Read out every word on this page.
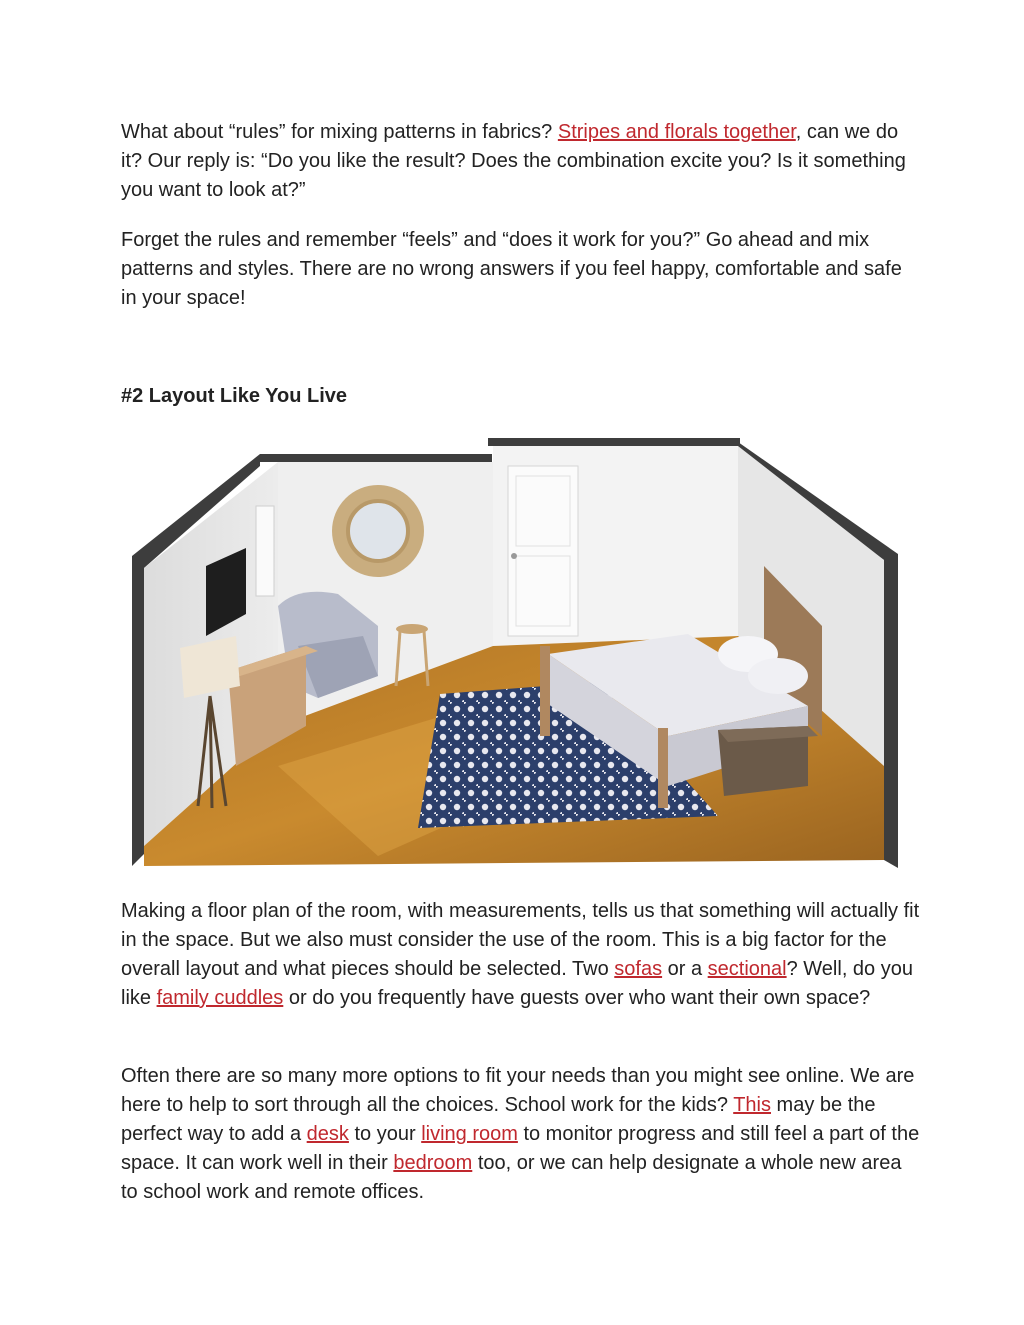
What about “rules” for mixing patterns in fabrics? Stripes and florals together, can we do it? Our reply is: “Do you like the result? Does the combination excite you? Is it something you want to look at?”

Forget the rules and remember “feels” and “does it work for you?” Go ahead and mix patterns and styles. There are no wrong answers if you feel happy, comfortable and safe in your space!

#2 Layout Like You Live

Making a floor plan of the room, with measurements, tells us that something will actually fit in the space. But we also must consider the use of the room. This is a big factor for the overall layout and what pieces should be selected. Two sofas or a sectional? Well, do you like family cuddles or do you frequently have guests over who want their own space?

Often there are so many more options to fit your needs than you might see online. We are here to help to sort through all the choices. School work for the kids? This may be the perfect way to add a desk to your living room to monitor progress and still feel a part of the space. It can work well in their bedroom too, or we can help designate a whole new area to school work and remote offices.
